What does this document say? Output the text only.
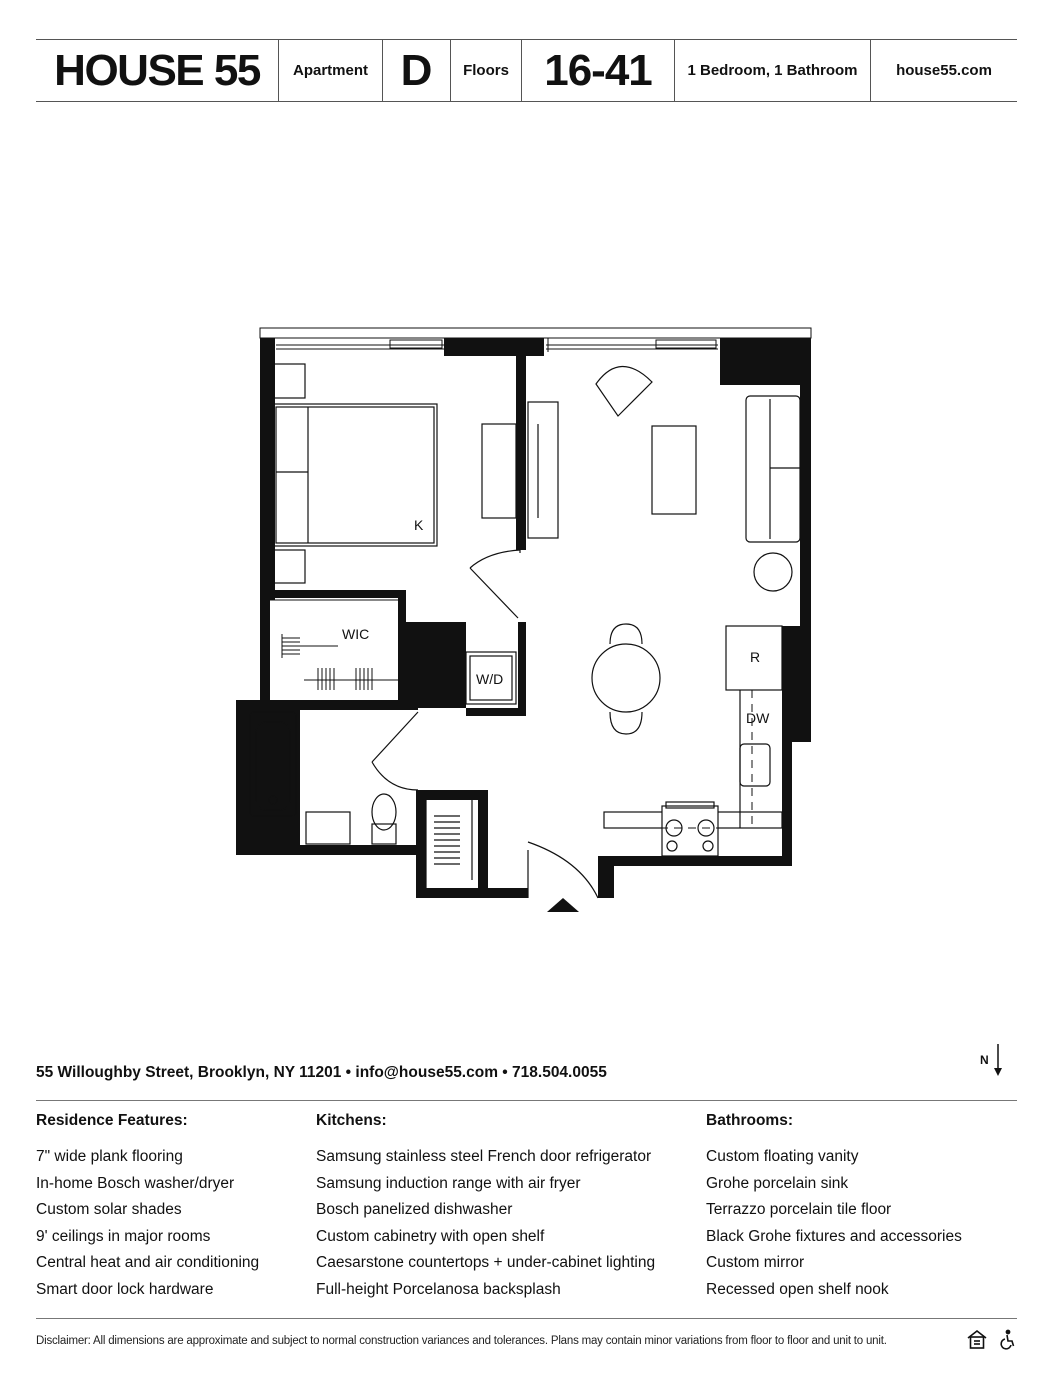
HOUSE 55	Apartment D	Floors 16-41	1 Bedroom, 1 Bathroom	house55.com
K
WIC
W/D
R
DW
55 Willoughby Street, Brooklyn, NY 11201 • info@house55.com • 718.504.0055
N
Residence Features:
7" wide plank flooring
In-home Bosch washer/dryer
Custom solar shades
9' ceilings in major rooms
Central heat and air conditioning
Smart door lock hardware
Kitchens:
Samsung stainless steel French door refrigerator
Samsung induction range with air fryer
Bosch panelized dishwasher
Custom cabinetry with open shelf
Caesarstone countertops + under-cabinet lighting
Full-height Porcelanosa backsplash
Bathrooms:
Custom floating vanity
Grohe porcelain sink
Terrazzo porcelain tile floor
Black Grohe fixtures and accessories
Custom mirror
Recessed open shelf nook
Disclaimer: All dimensions are approximate and subject to normal construction variances and tolerances. Plans may contain minor variations from floor to floor and unit to unit.
